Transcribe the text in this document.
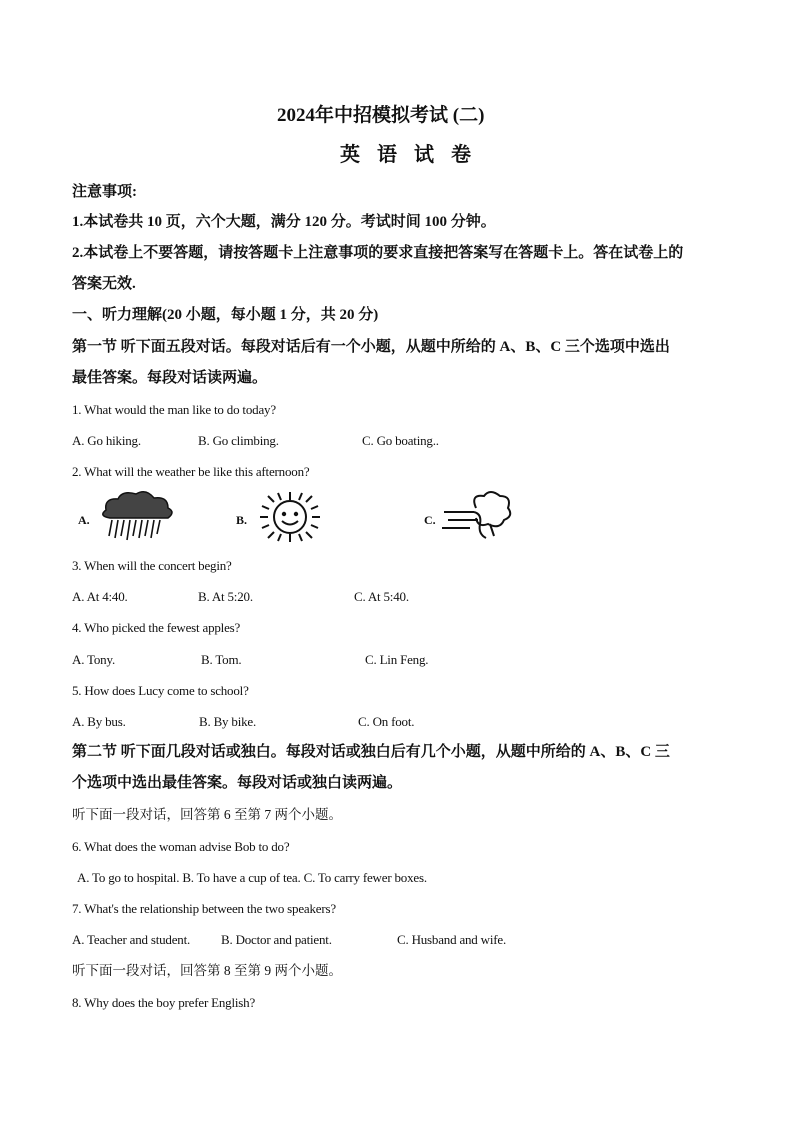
2024年中招模拟考试 (二)
英 语 试 卷
注意事项:
1.本试卷共 10 页，六个大题，满分 120 分。考试时间 100 分钟。
2.本试卷上不要答题，请按答题卡上注意事项的要求直接把答案写在答题卡上。答在试卷上的
答案无效.
一、听力理解(20 小题，每小题 1 分，共 20 分)
第一节 听下面五段对话。每段对话后有一个小题，从题中所给的 A、B、C 三个选项中选出
最佳答案。每段对话读两遍。
1. What would the man like to do today?
A. Go hiking.	B. Go climbing.	C. Go boating..
2. What will the weather be like this afternoon?
A.	B.	C.
3. When will the concert begin?
A. At 4:40.	B. At 5:20.	C. At 5:40.
4. Who picked the fewest apples?
A. Tony.	B. Tom.	C. Lin Feng.
5. How does Lucy come to school?
A. By bus.	B. By bike.	C. On foot.
第二节 听下面几段对话或独白。每段对话或独白后有几个小题，从题中所给的 A、B、C 三
个选项中选出最佳答案。每段对话或独白读两遍。
听下面一段对话，回答第 6 至第 7 两个小题。
6. What does the woman advise Bob to do?
A. To go to hospital. B. To have a cup of tea. C. To carry fewer boxes.
7. What's the relationship between the two speakers?
A. Teacher and student. B. Doctor and patient.	C. Husband and wife.
听下面一段对话，回答第 8 至第 9 两个小题。
8. Why does the boy prefer English?
